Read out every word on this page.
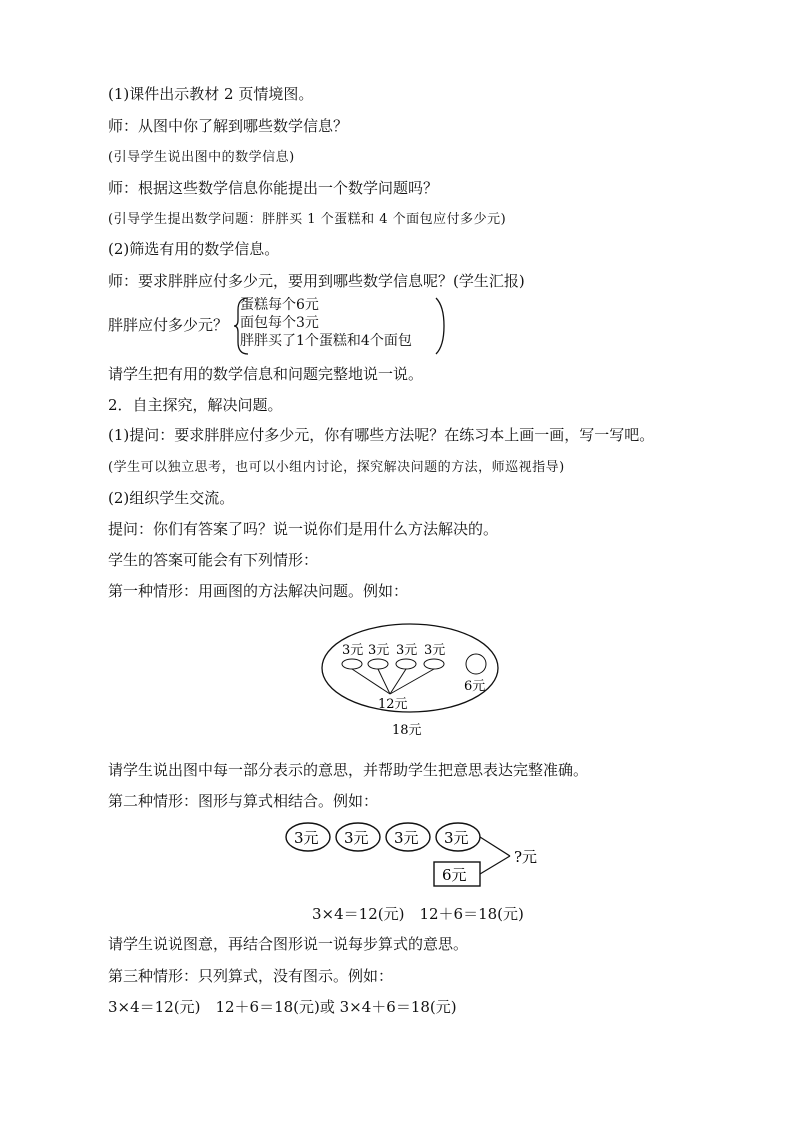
(1)课件出示教材 2 页情境图。
师：从图中你了解到哪些数学信息？
(引导学生说出图中的数学信息)
师：根据这些数学信息你能提出一个数学问题吗？
(引导学生提出数学问题：胖胖买 1 个蛋糕和 4 个面包应付多少元)
(2)筛选有用的数学信息。
师：要求胖胖应付多少元，要用到哪些数学信息呢？(学生汇报)
胖胖应付多少元？
蛋糕每个6元
面包每个3元
胖胖买了1个蛋糕和4个面包
请学生把有用的数学信息和问题完整地说一说。
2．自主探究，解决问题。
(1)提问：要求胖胖应付多少元，你有哪些方法呢？在练习本上画一画，写一写吧。
(学生可以独立思考，也可以小组内讨论，探究解决问题的方法，师巡视指导)
(2)组织学生交流。
提问：你们有答案了吗？说一说你们是用什么方法解决的。
学生的答案可能会有下列情形：
第一种情形：用画图的方法解决问题。例如：
3元 3元 3元 3元
12元
6元
18元
请学生说出图中每一部分表示的意思，并帮助学生把意思表达完整准确。
第二种情形：图形与算式相结合。例如：
3元 3元 3元 3元
6元
?元
3×4＝12(元)　12＋6＝18(元)
请学生说说图意，再结合图形说一说每步算式的意思。
第三种情形：只列算式，没有图示。例如：
3×4＝12(元)　12＋6＝18(元)或 3×4＋6＝18(元)
